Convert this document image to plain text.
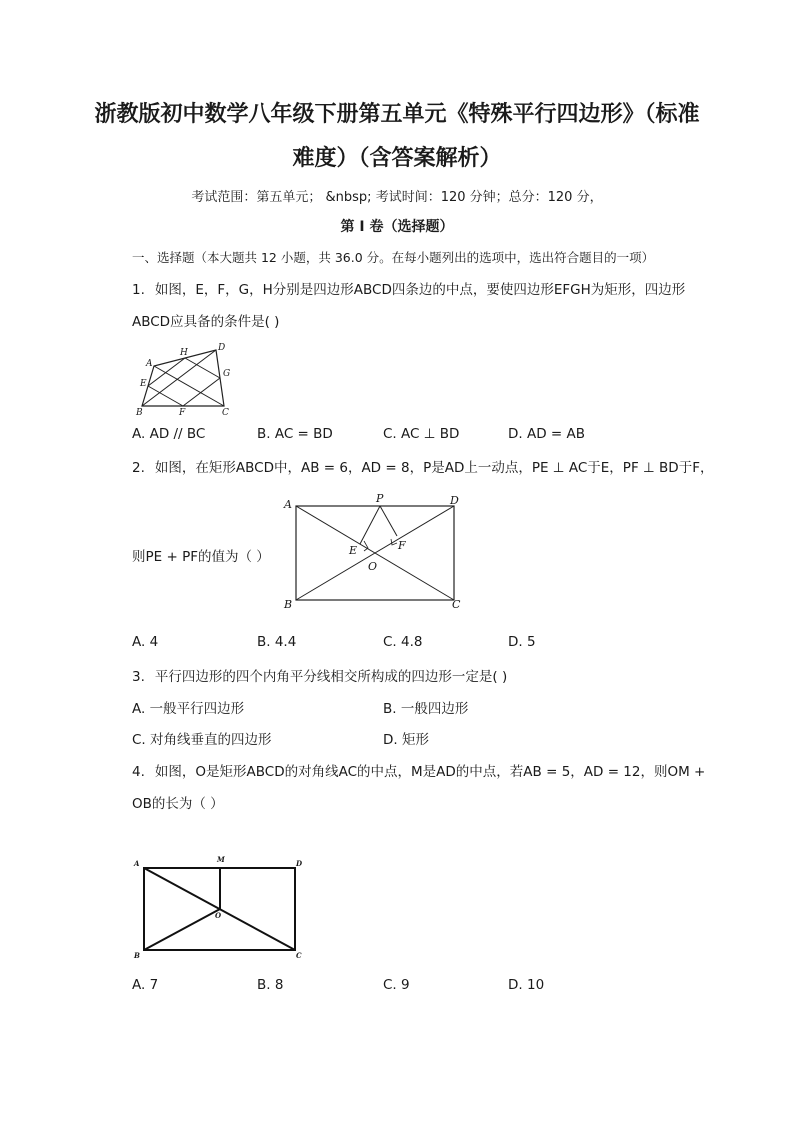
浙教版初中数学八年级下册第五单元《特殊平行四边形》（标准
难度）（含答案解析）
考试范围：第五单元； &nbsp; 考试时间：120 分钟；总分：120 分，
第 I 卷（选择题）
一、选择题（本大题共 12 小题，共 36.0 分。在每小题列出的选项中，选出符合题目的一项）
1. 如图，E，F，G，H分别是四边形ABCD四条边的中点，要使四边形EFGH为矩形，四边形
ABCD应具备的条件是( )
A
B	C
D
E
F
G
H
A. AD // BC	B. AC = BD	C. AC ⊥ BD	D. AD = AB
2. 如图，在矩形ABCD中，AB = 6，AD = 8，P是AD上一动点，PE ⊥ AC于E，PF ⊥ BD于F，
则PE + PF的值为（ ）
A
B	C
D
P
E	F
O
A. 4	B. 4.4	C. 4.8	D. 5
3. 平行四边形的四个内角平分线相交所构成的四边形一定是( )
A. 一般平行四边形	B. 一般四边形
C. 对角线垂直的四边形	D. 矩形
4. 如图，O是矩形ABCD的对角线AC的中点，M是AD的中点，若AB = 5，AD = 12，则OM +
OB的长为（ ）
A
B	C
D
M
O
A. 7	B. 8	C. 9	D. 10
